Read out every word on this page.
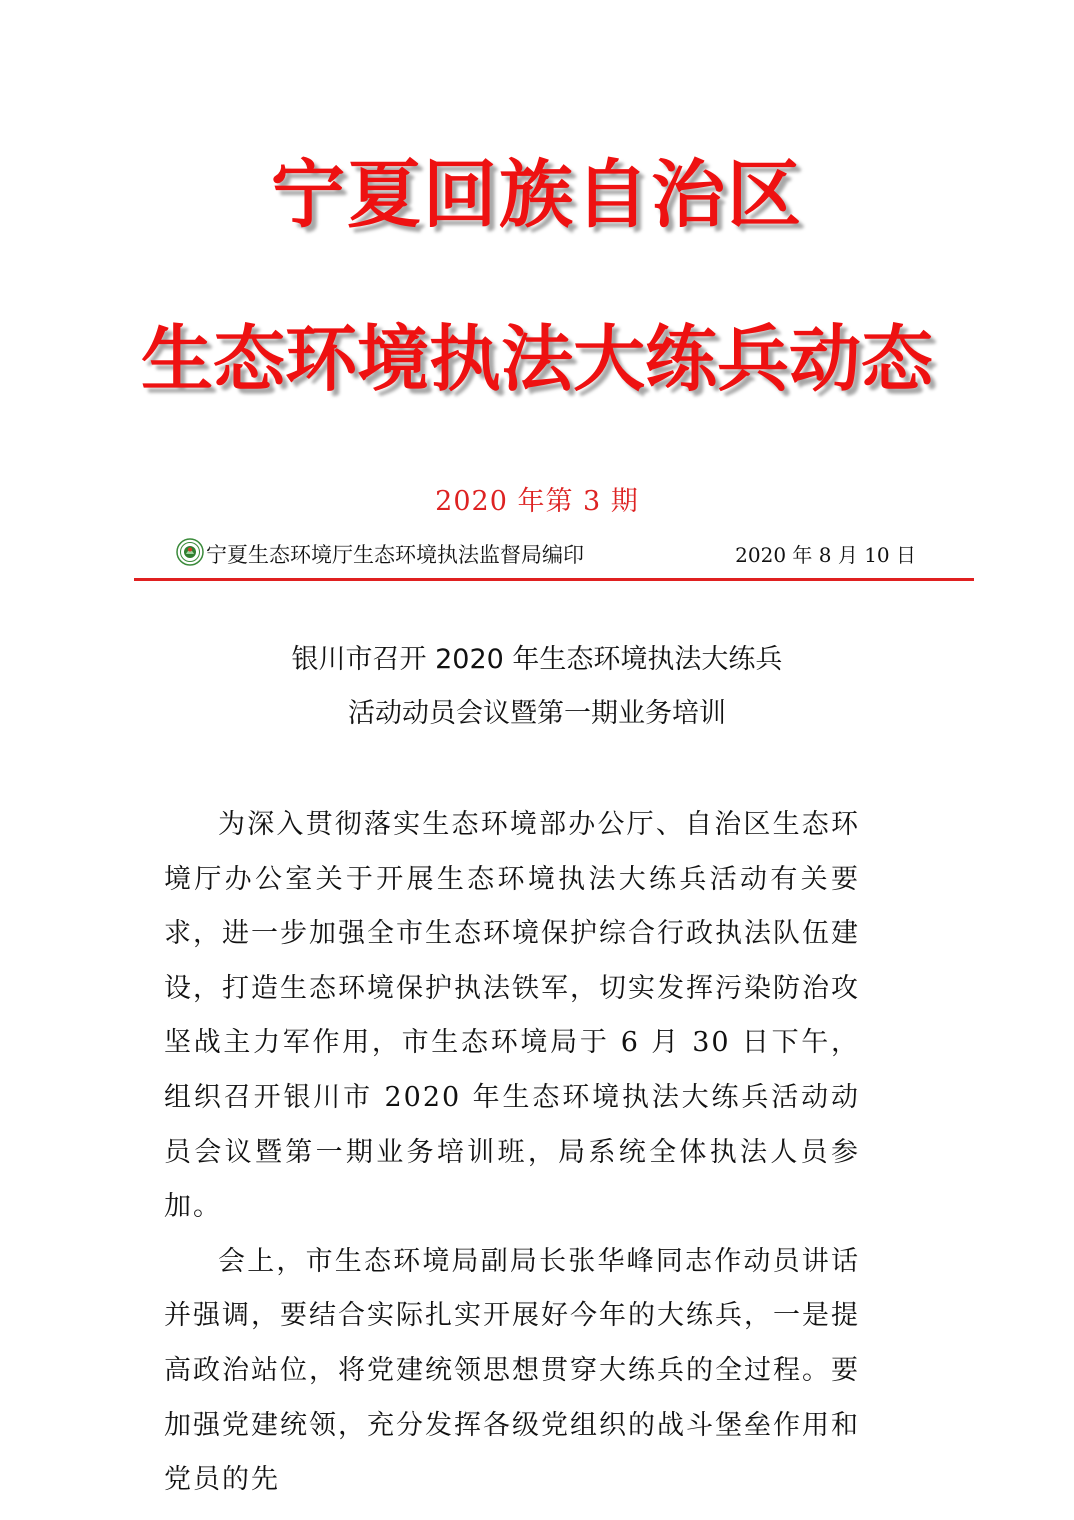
宁夏回族自治区
生态环境执法大练兵动态
2020 年第 3 期
宁夏生态环境厅生态环境执法监督局编印	2020 年 8 月 10 日
银川市召开 2020 年生态环境执法大练兵
活动动员会议暨第一期业务培训

为深入贯彻落实生态环境部办公厅、自治区生态环境厅办公室关于开展生态环境执法大练兵活动有关要求，进一步加强全市生态环境保护综合行政执法队伍建设，打造生态环境保护执法铁军，切实发挥污染防治攻坚战主力军作用，市生态环境局于 6 月 30 日下午，组织召开银川市 2020 年生态环境执法大练兵活动动员会议暨第一期业务培训班，局系统全体执法人员参加。

会上，市生态环境局副局长张华峰同志作动员讲话并强调，要结合实际扎实开展好今年的大练兵，一是提高政治站位，将党建统领思想贯穿大练兵的全过程。要加强党建统领，充分发挥各级党组织的战斗堡垒作用和党员的先
